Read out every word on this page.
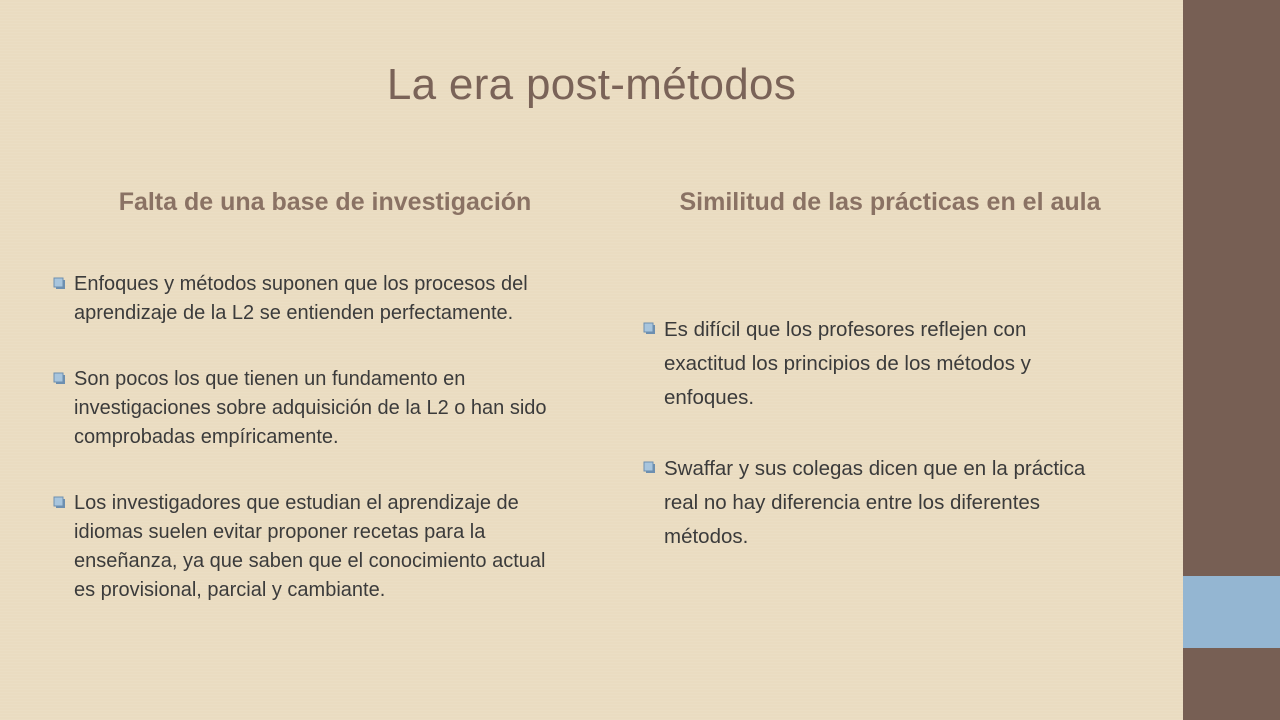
La era post-métodos
Falta de una base de investigación	Similitud de las prácticas en el aula
Enfoques y métodos suponen que los procesos del aprendizaje de la L2 se entienden perfectamente.
Son pocos los que tienen un fundamento en investigaciones sobre adquisición de la L2 o han sido comprobadas empíricamente.
Los investigadores que estudian el aprendizaje de idiomas suelen evitar proponer recetas para la enseñanza, ya que saben que el conocimiento actual es provisional, parcial y cambiante.
Es difícil que los profesores reflejen con exactitud los principios de los métodos y enfoques.
Swaffar y sus colegas dicen que en la práctica real no hay diferencia entre los diferentes métodos.
